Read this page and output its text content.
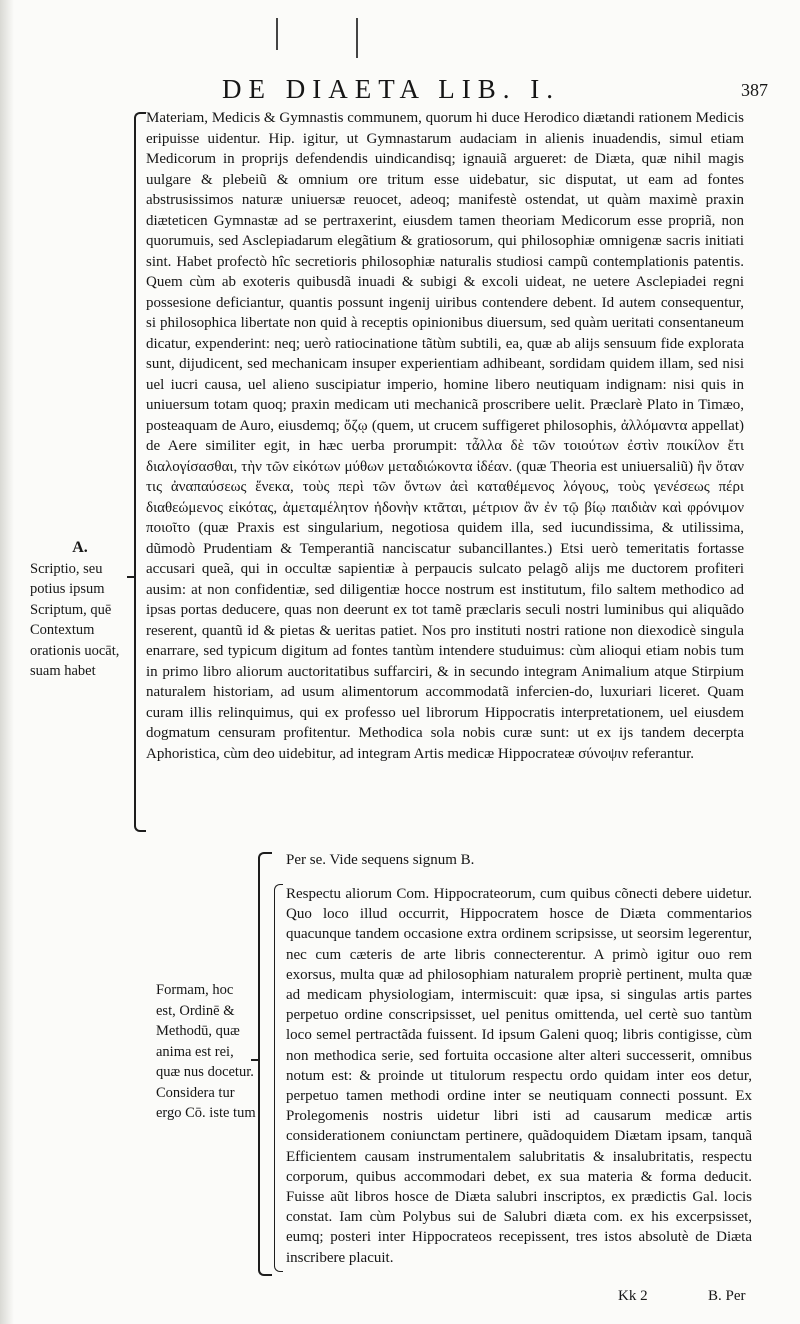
DE DIAETA LIB. I.	387

Materiam, Medicis & Gymnastis communem, quorum hi duce Herodico diætandi rationem Medicis eripuisse uidentur. Hip. igitur, ut Gymnastarum audaciam in alienis inuadendis, simul etiam Medicorum in proprijs defendendis uindicandisq; ignauiã argueret: de Diæta, quæ nihil magis uulgare & plebeiũ & omnium ore tritum esse uidebatur, sic disputat, ut eam ad fontes abstrusissimos naturæ uniuersæ reuocet, adeoq; manifestè ostendat, ut quàm maximè praxin diæteticen Gymnastæ ad se pertraxerint, eiusdem tamen theoriam Medicorum esse propriã, non quorumuis, sed Asclepiadarum elegãtium & gratiosorum, qui philosophiæ omnigenæ sacris initiati sint. Habet profectò hîc secretioris philosophiæ naturalis studiosi campũ contemplationis patentis. Quem cùm ab exoteris quibusdã inuadi & subigi & excoli uideat, ne uetere Asclepiadei regni possesione deficiantur, quantis possunt ingenij uiribus contendere debent. Id autem consequentur, si philosophica libertate non quid à receptis opinionibus diuersum, sed quàm ueritati consentaneum dicatur, expenderint: neq; uerò ratiocinatione tãtùm subtili, ea, quæ ab alijs sensuum fide explorata sunt, dijudicent, sed mechanicam insuper experientiam adhibeant, sordidam quidem illam, sed nisi uel iucri causa, uel alieno suscipiatur imperio, homine libero neutiquam indignam: nisi quis in uniuersum totam quoq; praxin medicam uti mechanicã proscribere uelit. Præclarè Plato in Timæo, posteaquam de Auro, eiusdemq; ὄζῳ (quem, ut crucem suffigeret philosophis, ἀλλόμαντα appellat) de Aere similiter egit, in hæc uerba prorumpit: τἆλλα δὲ τῶν τοιούτων ἐστὶν ποικίλον ἔτι διαλογίσασθαι, τὴν τῶν εἰκότων μύθων μεταδιώκοντα ἰδέαν. (quæ Theoria est uniuersaliũ) ἣν ὅταν τις ἀναπαύσεως ἕνεκα, τοὺς περὶ τῶν ὄντων ἀεὶ καταθέμενος λόγους, τοὺς γενέσεως πέρι διαθεώμενος εἰκότας, ἀμεταμέλητον ἡδονὴν κτᾶται, μέτριον ἂν ἐν τῷ βίῳ παιδιὰν καὶ φρόνιμον ποιοῖτο (quæ Praxis est singularium, negotiosa quidem illa, sed iucundissima, & utilissima, dũmodò Prudentiam & Temperantiã nanciscatur subancillantes.) Etsi uerò temeritatis fortasse accusari queã, qui in occultæ sapientiæ à perpaucis sulcato pelagõ alijs me ductorem profiteri ausim: at non confidentiæ, sed diligentiæ hocce nostrum est institutum, filo saltem methodico ad ipsas portas deducere, quas non deerunt ex tot tamẽ præclaris seculi nostri luminibus qui aliquãdo reserent, quantũ id & pietas & ueritas patiet. Nos pro instituti nostri ratione non diexodicè singula enarrare, sed typicum digitum ad fontes tantùm intendere studuimus: cùm alioqui etiam nobis tum in primo libro aliorum auctoritatibus suffarciri, & in secundo integram Animalium atque Stirpium naturalem historiam, ad usum alimentorum accommodatã infercien-do, luxuriari liceret. Quam curam illis relinquimus, qui ex professo uel librorum Hippocratis interpretationem, uel eiusdem dogmatum censuram profitentur. Methodica sola nobis curæ sunt: ut ex ijs tandem decerpta Aphoristica, cùm deo uidebitur, ad integram Artis medicæ Hippocrateæ σύνοψιν referantur.

A.
Scriptio, seu potius ipsum Scriptum, quē Contextum orationis uocāt, suam habet

Per se. Vide sequens signum B.

Formam, hoc est, Ordinē & Methodū, quæ anima est rei, quæ nus docetur. Considera tur ergo Cō. iste tum

Respectu aliorum Com. Hippocrateorum, cum quibus cõnecti debere uidetur. Quo loco illud occurrit, Hippocratem hosce de Diæta commentarios quacunque tandem occasione extra ordinem scripsisse, ut seorsim legerentur, nec cum cæteris de arte libris connecterentur. A primò igitur ouo rem exorsus, multa quæ ad philosophiam naturalem propriè pertinent, multa quæ ad medicam physiologiam, intermiscuit: quæ ipsa, si singulas artis partes perpetuo ordine conscripsisset, uel penitus omittenda, uel certè suo tantùm loco semel pertractãda fuissent. Id ipsum Galeni quoq; libris contigisse, cùm non methodica serie, sed fortuita occasione alter alteri successerit, omnibus notum est: & proinde ut titulorum respectu ordo quidam inter eos detur, perpetuo tamen methodi ordine inter se neutiquam connecti possunt. Ex Prolegomenis nostris uidetur libri isti ad causarum medicæ artis considerationem coniunctam pertinere, quãdoquidem Diætam ipsam, tanquã Efficientem causam instrumentalem salubritatis & insalubritatis, respectu corporum, quibus accommodari debet, ex sua materia & forma deducit. Fuisse aũt libros hosce de Diæta salubri inscriptos, ex prædictis Gal. locis constat. Iam cùm Polybus sui de Salubri diæta com. ex his excerpsisset, eumq; posteri inter Hippocrateos recepissent, tres istos absolutè de Diæta inscribere placuit.

Kk 2	B. Per
